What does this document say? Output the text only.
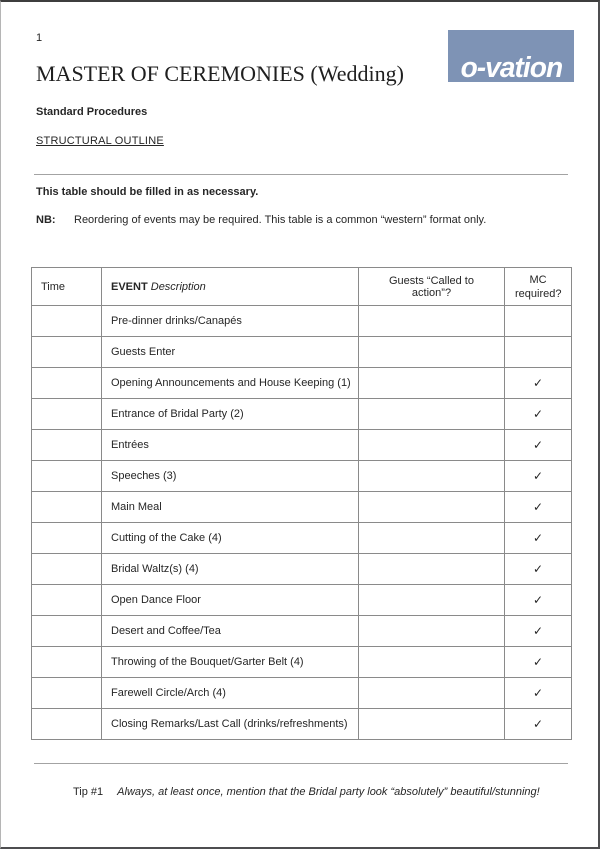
1
o-vation
MASTER OF CEREMONIES (Wedding)
Standard Procedures
STRUCTURAL OUTLINE
This table should be filled in as necessary.
NB: Reordering of events may be required. This table is a common “western” format only.
Time	EVENT Description	Guests “Called to action”?	MC required?
	Pre-dinner drinks/Canapés		
	Guests Enter		
	Opening Announcements and House Keeping (1)		✓
	Entrance of Bridal Party (2)		✓
	Entrées		✓
	Speeches (3)		✓
	Main Meal		✓
	Cutting of the Cake (4)		✓
	Bridal Waltz(s) (4)		✓
	Open Dance Floor		✓
	Desert and Coffee/Tea		✓
	Throwing of the Bouquet/Garter Belt (4)		✓
	Farewell Circle/Arch (4)		✓
	Closing Remarks/Last Call (drinks/refreshments)		✓
Tip #1 Always, at least once, mention that the Bridal party look “absolutely” beautiful/stunning!
